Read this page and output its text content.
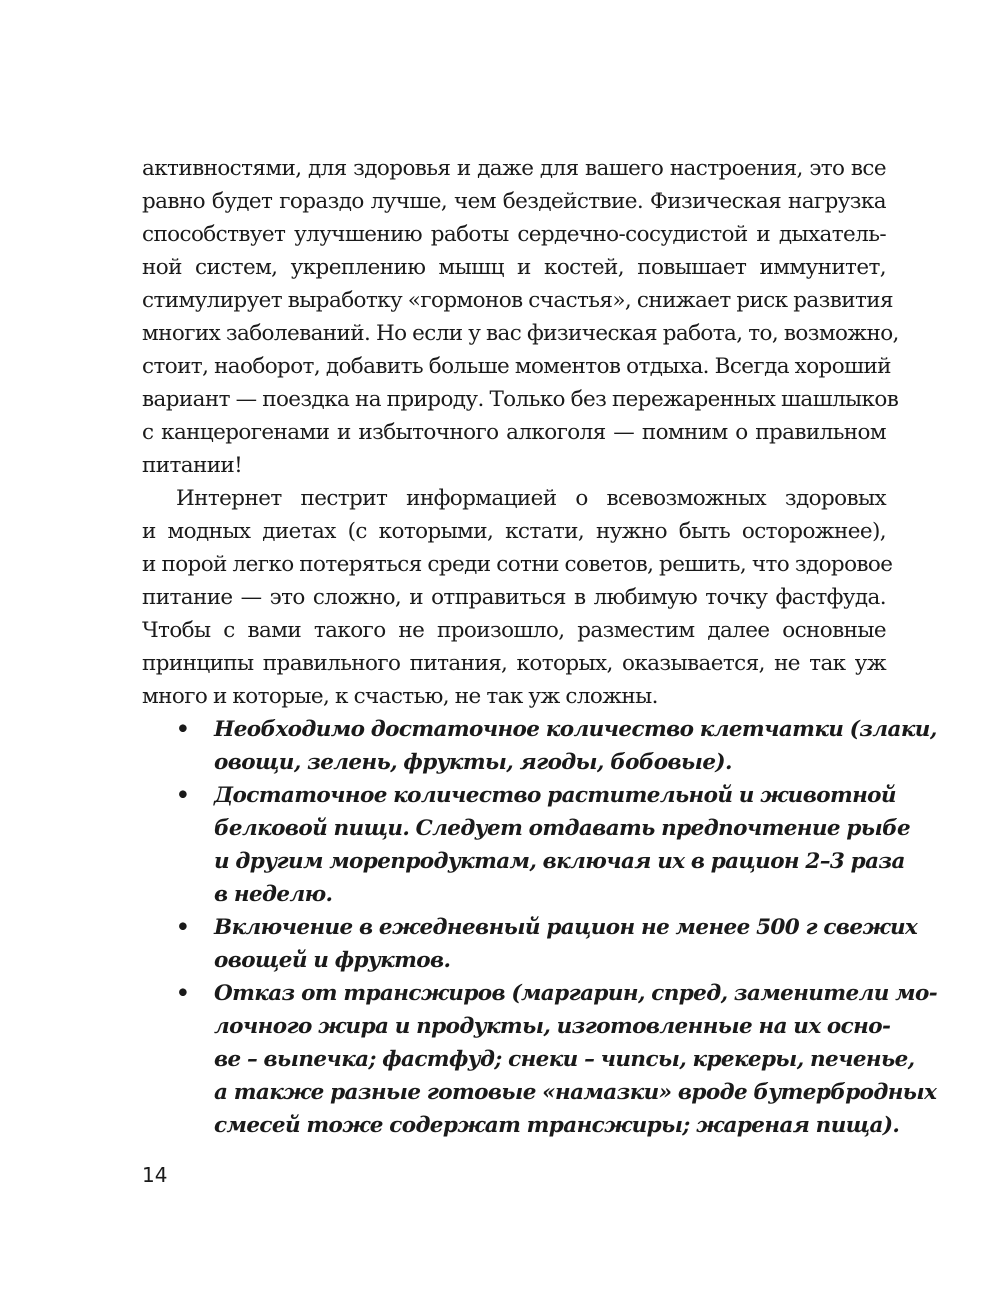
активностями, для здоровья и даже для вашего настроения, это все
равно будет гораздо лучше, чем бездействие. Физическая нагрузка
способствует улучшению работы сердечно-сосудистой и дыхатель-
ной систем, укреплению мышц и костей, повышает иммунитет,
стимулирует выработку «гормонов счастья», снижает риск развития
многих заболеваний. Но если у вас физическая работа, то, возможно,
стоит, наоборот, добавить больше моментов отдыха. Всегда хороший
вариант — поездка на природу. Только без пережаренных шашлыков
с канцерогенами и избыточного алкоголя — помним о правильном
питании!

Интернет пестрит информацией о всевозможных здоровых
и модных диетах (с которыми, кстати, нужно быть осторожнее),
и порой легко потеряться среди сотни советов, решить, что здоровое
питание — это сложно, и отправиться в любимую точку фастфуда.
Чтобы с вами такого не произошло, разместим далее основные
принципы правильного питания, которых, оказывается, не так уж
много и которые, к счастью, не так уж сложны.

• Необходимо достаточное количество клетчатки (злаки,
овощи, зелень, фрукты, ягоды, бобовые).
• Достаточное количество растительной и животной
белковой пищи. Следует отдавать предпочтение рыбе
и другим морепродуктам, включая их в рацион 2–3 раза
в неделю.
• Включение в ежедневный рацион не менее 500 г свежих
овощей и фруктов.
• Отказ от трансжиров (маргарин, спред, заменители мо-
лочного жира и продукты, изготовленные на их осно-
ве – выпечка; фастфуд; снеки – чипсы, крекеры, печенье,
а также разные готовые «намазки» вроде бутербродных
смесей тоже содержат трансжиры; жареная пища).
14
